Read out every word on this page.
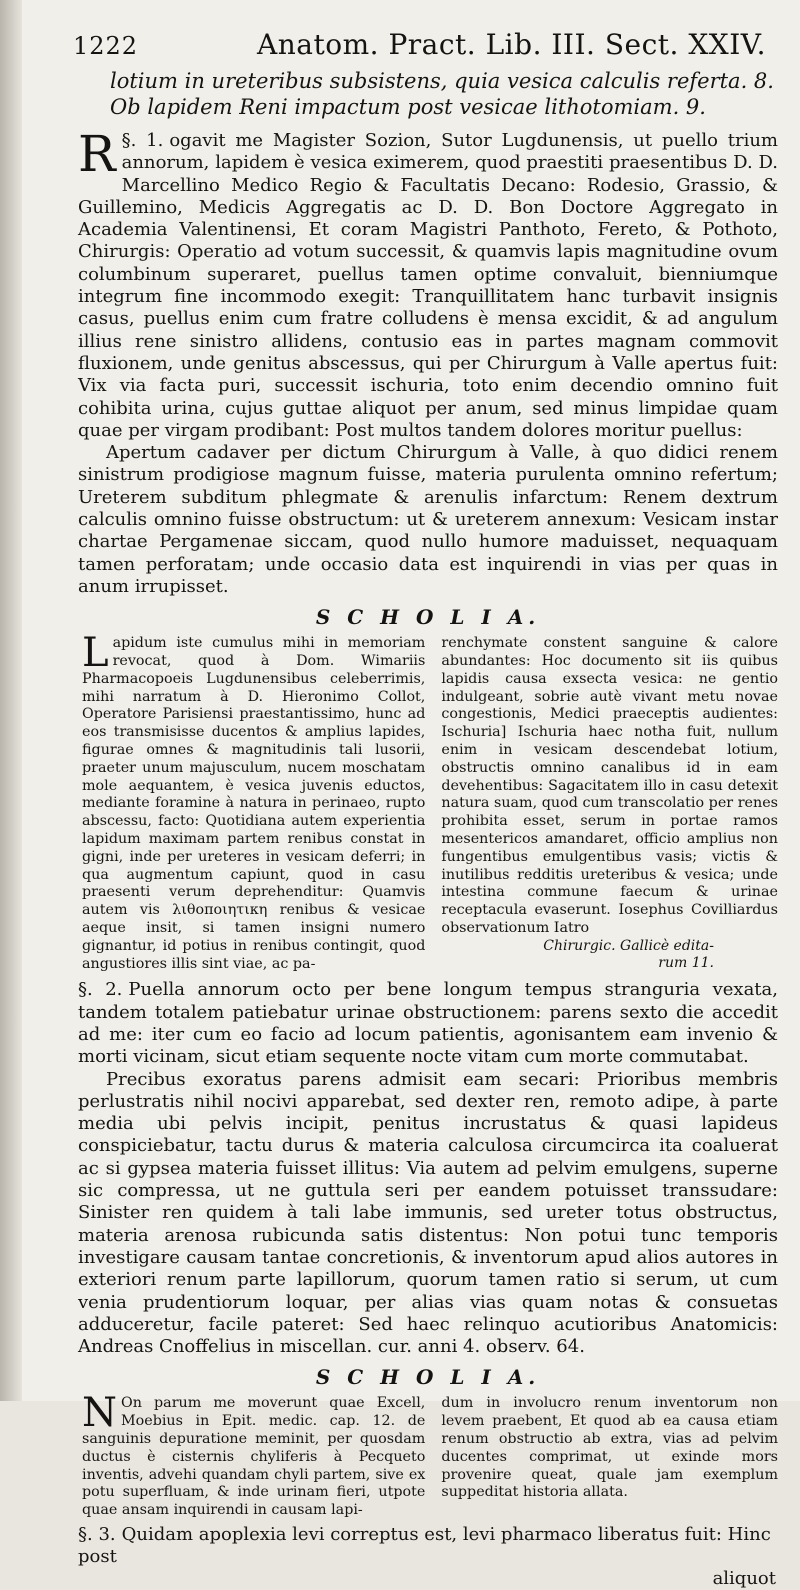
1222	Anatom. Pract. Lib. III. Sect. XXIV.
lotium in ureteribus subsistens, quia vesica calculis referta. 8. Ob lapidem Reni impactum post vesicae lithotomiam. 9.

§. 1.
R	ogavit me Magister Sozion, Sutor Lugdunensis, ut puello trium annorum, lapidem è vesica eximerem, quod praestiti praesentibus D. D. Marcellino Medico Regio & Facultatis Decano: Rodesio, Grassio, & Guillemino, Medicis Aggregatis ac D. D. Bon Doctore Aggregato in Academia Valentinensi, Et coram Magistri Panthoto, Fereto, & Pothoto, Chirurgis: Operatio ad votum successit, & quamvis lapis magnitudine ovum columbinum superaret, puellus tamen optime convaluit, bienniumque integrum fine incommodo exegit: Tranquillitatem hanc turbavit insignis casus, puellus enim cum fratre colludens è mensa excidit, & ad angulum illius rene sinistro allidens, contusio eas in partes magnam commovit fluxionem, unde genitus abscessus, qui per Chirurgum à Valle apertus fuit: Vix via facta puri, successit ischuria, toto enim decendio omnino fuit cohibita urina, cujus guttae aliquot per anum, sed minus limpidae quam quae per virgam prodibant: Post multos tandem dolores moritur puellus:

Apertum cadaver per dictum Chirurgum à Valle, à quo didici renem sinistrum prodigiose magnum fuisse, materia purulenta omnino refertum; Ureterem subditum phlegmate & arenulis infarctum: Renem dextrum calculis omnino fuisse obstructum: ut & ureterem annexum: Vesicam instar chartae Pergamenae siccam, quod nullo humore maduisset, nequaquam tamen perforatam; unde occasio data est inquirendi in vias per quas in anum irrupisset.

S C H O L I A.
Lapidum iste cumulus mihi in memoriam revocat, quod à Dom. Wimariis Pharmacopoeis Lugdunensibus celeberrimis, mihi narratum à D. Hieronimo Collot, Operatore Parisiensi praestantissimo, hunc ad eos transmisisse ducentos & amplius lapides, figurae omnes & magnitudinis tali lusorii, praeter unum majusculum, nucem moschatam mole aequantem, è vesica juvenis eductos, mediante foramine à natura in perinaeo, rupto abscessu, facto: Quotidiana autem experientia lapidum maximam partem renibus constat in gigni, inde per ureteres in vesicam deferri; in qua augmentum capiunt, quod in casu praesenti verum deprehenditur: Quamvis autem vis λιθοποιητικη renibus & vesicae aeque insit, si tamen insigni numero gignantur, id potius in renibus contingit, quod angustiores illis sint viae, ac pa-
renchymate constent sanguine & calore abundantes: Hoc documento sit iis quibus lapidis causa exsecta vesica: ne gentio indulgeant, sobrie autè vivant metu novae congestionis, Medici praeceptis audientes: Ischuria] Ischuria haec notha fuit, nullum enim in vesicam descendebat lotium, obstructis omnino canalibus id in eam devehentibus: Sagacitatem illo in casu detexit natura suam, quod cum transcolatio per renes prohibita esset, serum in portae ramos mesentericos amandaret, officio amplius non fungentibus emulgentibus vasis; victis & inutilibus redditis ureteribus & vesica; unde intestina commune faecum & urinae receptacula evaserunt. Iosephus Covilliardus observationum Iatro
Chirurgic. Gallicè edita-
rum 11.

§. 2. Puella annorum octo per bene longum tempus stranguria vexata, tandem totalem patiebatur urinae obstructionem: parens sexto die accedit ad me: iter cum eo facio ad locum patientis, agonisantem eam invenio & morti vicinam, sicut etiam sequente nocte vitam cum morte commutabat.

Precibus exoratus parens admisit eam secari: Prioribus membris perlustratis nihil nocivi apparebat, sed dexter ren, remoto adipe, à parte media ubi pelvis incipit, penitus incrustatus & quasi lapideus conspiciebatur, tactu durus & materia calculosa circumcirca ita coaluerat ac si gypsea materia fuisset illitus: Via autem ad pelvim emulgens, superne sic compressa, ut ne guttula seri per eandem potuisset transsudare: Sinister ren quidem à tali labe immunis, sed ureter totus obstructus, materia arenosa rubicunda satis distentus: Non potui tunc temporis investigare causam tantae concretionis, & inventorum apud alios autores in exteriori renum parte lapillorum, quorum tamen ratio si serum, ut cum venia prudentiorum loquar, per alias vias quam notas & consuetas adduceretur, facile pateret: Sed haec relinquo acutioribus Anatomicis: Andreas Cnoffelius in miscellan. cur. anni 4. observ. 64.

S C H O L I A.
N On parum me moverunt quae Excell, Moebius in Epit. medic. cap. 12. de sanguinis depuratione meminit, per quosdam ductus è cisternis chyliferis à Pecqueto inventis, advehi quandam chyli partem, sive ex potu superfluam, & inde urinam fieri, utpote quae ansam inquirendi in causam lapi-
dum in involucro renum inventorum non levem praebent, Et quod ab ea causa etiam renum obstructio ab extra, vias ad pelvim ducentes comprimat, ut exinde mors provenire queat, quale jam exemplum suppeditat historia allata.
§. 3. Quidam apoplexia levi correptus est, levi pharmaco liberatus fuit: Hinc post
aliquot
